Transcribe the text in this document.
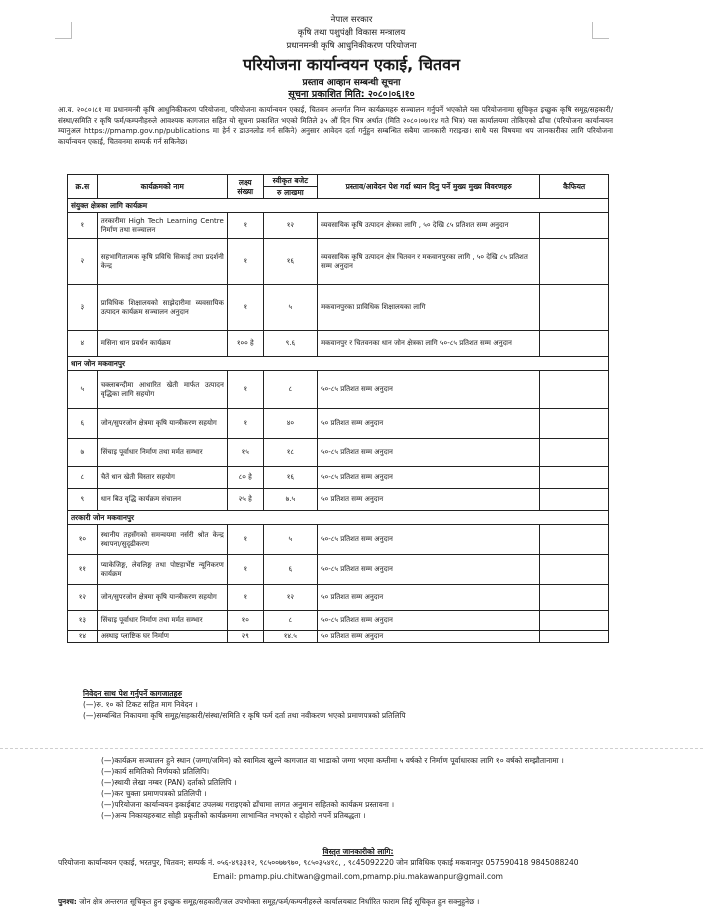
नेपाल सरकार
कृषि तथा पशुपंक्षी विकास मन्त्रालय
प्रधानमन्त्री कृषि आधुनिकीकरण परियोजना
परियोजना कार्यान्वयन एकाई, चितवन
प्रस्ताव आव्हान सम्बन्धी सूचना
सूचना प्रकाशित मिति: २०८०।०६।१०
आ.व. २०८०।८१ मा प्रधानमन्त्री कृषि आधुनिकीकरण परियोजना, परियोजना कार्यान्वयन एकाई, चितवन अन्तर्गत निम्न कार्यक्रमहरु सञ्चालन गर्नुपर्ने भएकोले यस परियोजनामा सूचिकृत इच्छुक कृषि समूह/सहकारी/संस्था/समिति र कृषि फर्म/कम्पनीहरुले आवश्यक कागजात सहित यो सूचना प्रकाशित भएको मितिले ३५ औं दिन भित्र अर्थात (मिति २०८०।०७।१४ गते भित्र) यस कार्यालयमा तोकिएको ढाँचा (परियोजना कार्यान्वयन म्यानुअल https://pmamp.gov.np/publications मा हेर्न र डाउनलोड गर्न सकिने) अनुसार आवेदन दर्ता गर्नुहुन सम्बन्धित सबैमा जानकारी गराइन्छ। साथै यस विषयमा थप जानकारीका लागि परियोजना कार्यान्वयन एकाई, चितवनमा सम्पर्क गर्न सकिनेछ।
क्र.स	कार्यक्रमको नाम	लक्ष्य संख्या	स्वीकृत बजेट	प्रस्ताव/आवेदन पेश गर्दा ध्यान दिनु पर्ने मुख्य मुख्य विवरणहरु	कैफियत
			रु लाखमा		
संयुक्त क्षेत्रका लागि कार्यक्रम					
१	तरकारीमा High Tech Learning Centre निर्माण तथा सञ्चालन	१	१२	व्यवसायिक कृषि उत्पादन क्षेत्रका लागि , ५० देखि ८५ प्रतिशत सम्म अनुदान	
२	सहभागितात्मक कृषि प्रविधि सिकाई तथा प्रदर्शनी केन्द्र	१	१६	व्यवसायिक कृषि उत्पादन क्षेत्र चितवन र मकवानपुरका लागि , ५० देखि ८५ प्रतिशत सम्म अनुदान	
३	प्राविधिक शिक्षालयको साझेदारीमा व्यवसायिक उत्पादन कार्यक्रम सञ्चालन अनुदान	१	५	मकवानपुरका प्राविधिक शिक्षालयका लागि	
४	मसिना धान प्रवर्धन कार्यक्रम	१०० हे	९.६	मकवानपुर र चितवनका धान जोन क्षेत्रका लागि ५०-८५ प्रतिशत सम्म अनुदान	
धान जोन मकवानपुर					
५	चक्लाबन्दीमा आधारित खेती मार्फत उत्पादन वृद्धिका लागि सहयोग	१	८	५०-८५ प्रतिशत सम्म अनुदान	
६	जोन/सुपरजोन क्षेत्रमा कृषि यान्त्रीकरण सहयोग	१	४०	५० प्रतिशत सम्म अनुदान	
७	सिंचाइ पूर्वाधार निर्माण तथा मर्मत सम्भार	१५	१८	५०-८५ प्रतिशत सम्म अनुदान	
८	चैतें धान खेती विस्तार सहयोग	८० हे	१६	५०-८५ प्रतिशत सम्म अनुदान	
९	धान बिउ वृद्धि कार्यक्रम संचालन	२५ हे	७.५	५० प्रतिशत सम्म अनुदान	
तरकारी जोन मकवानपुर					
१०	स्थानीय तहसँगको समन्वयमा नर्सरी श्रोत केन्द्र स्थापना/सुदृढीकरण	१	५	५०-८५ प्रतिशत सम्म अनुदान	
११	प्याकेजिङ्ग, लेवलिङ्ग तथा पोष्टहार्भेष्ट न्यूनिकरण कार्यक्रम	१	६	५०-८५ प्रतिशत सम्म अनुदान	
१२	जोन/सुपरजोन क्षेत्रमा कृषि यान्त्रीकरण सहयोग	१	१२	५० प्रतिशत सम्म अनुदान	
१३	सिंचाइ पूर्वाधार निर्माण तथा मर्मत सम्भार	१०	८	५०-८५ प्रतिशत सम्म अनुदान	
१४	अस्थाइ प्लाष्टिक घर निर्माण	२९	१४.५	५० प्रतिशत सम्म अनुदान	
निवेदन साथ पेश गर्नुपर्ने कागजातहरु
(—)रु. १० को टिकट सहित माग निवेदन ।
(—)सम्बन्धित निकायमा कृषि समूह/सहकारी/संस्था/समिति र कृषि फर्म दर्ता तथा नवीकरण भएको प्रमाणपत्रको प्रतिलिपि
(—)कार्यक्रम सञ्चालन हुने स्थान (जग्गा/जमिन) को स्वामित्व खुल्ने कागजात वा भाडाको जग्गा भएमा कम्तीमा ५ वर्षको र निर्माण पूर्वाधारका लागि १० वर्षको सम्झौतानामा ।
(—)कार्य समितिको निर्णयको प्रतिलिपि।
(—)स्थायी लेखा नम्बर (PAN) दर्ताको प्रतिलिपि ।
(—)कर चुक्ता प्रमाणपत्रको प्रतिलिपी ।
(—)परियोजना कार्यान्वयन इकाईबाट उपलब्ध गराइएको ढाँचामा लागत अनुमान सहितको कार्यक्रम प्रस्तावना ।
(—)अन्य निकायहरुबाट सोही प्रकृतीको कार्यक्रममा लाभान्वित नभएको र दोहोरो नपर्ने प्रतिबद्धता ।
विस्तृत जानकारीको लागि:
परियोजना कार्यान्वयन एकाई, भरतपुर, चितवन; सम्पर्क नं. ०५६-४९३३१२, ९८५००७७९७०, ९८५०३५४१८, , ९८45092220 जोन प्राविधिक एकाई मकवानपुर 057590418 9845088240
Email: pmamp.piu.chitwan@gmail.com,pmamp.piu.makawanpur@gmail.com
पुनश्च: जोन क्षेत्र अन्तरगत सूचिकृत हुन इच्छुक समूह/सहकारी/जल उपभोक्ता समूह/फर्म/कम्पनीहरुले कार्यालयबाट निर्धारित फाराम लिई सूचिकृत हुन सक्नुहुनेछ ।
